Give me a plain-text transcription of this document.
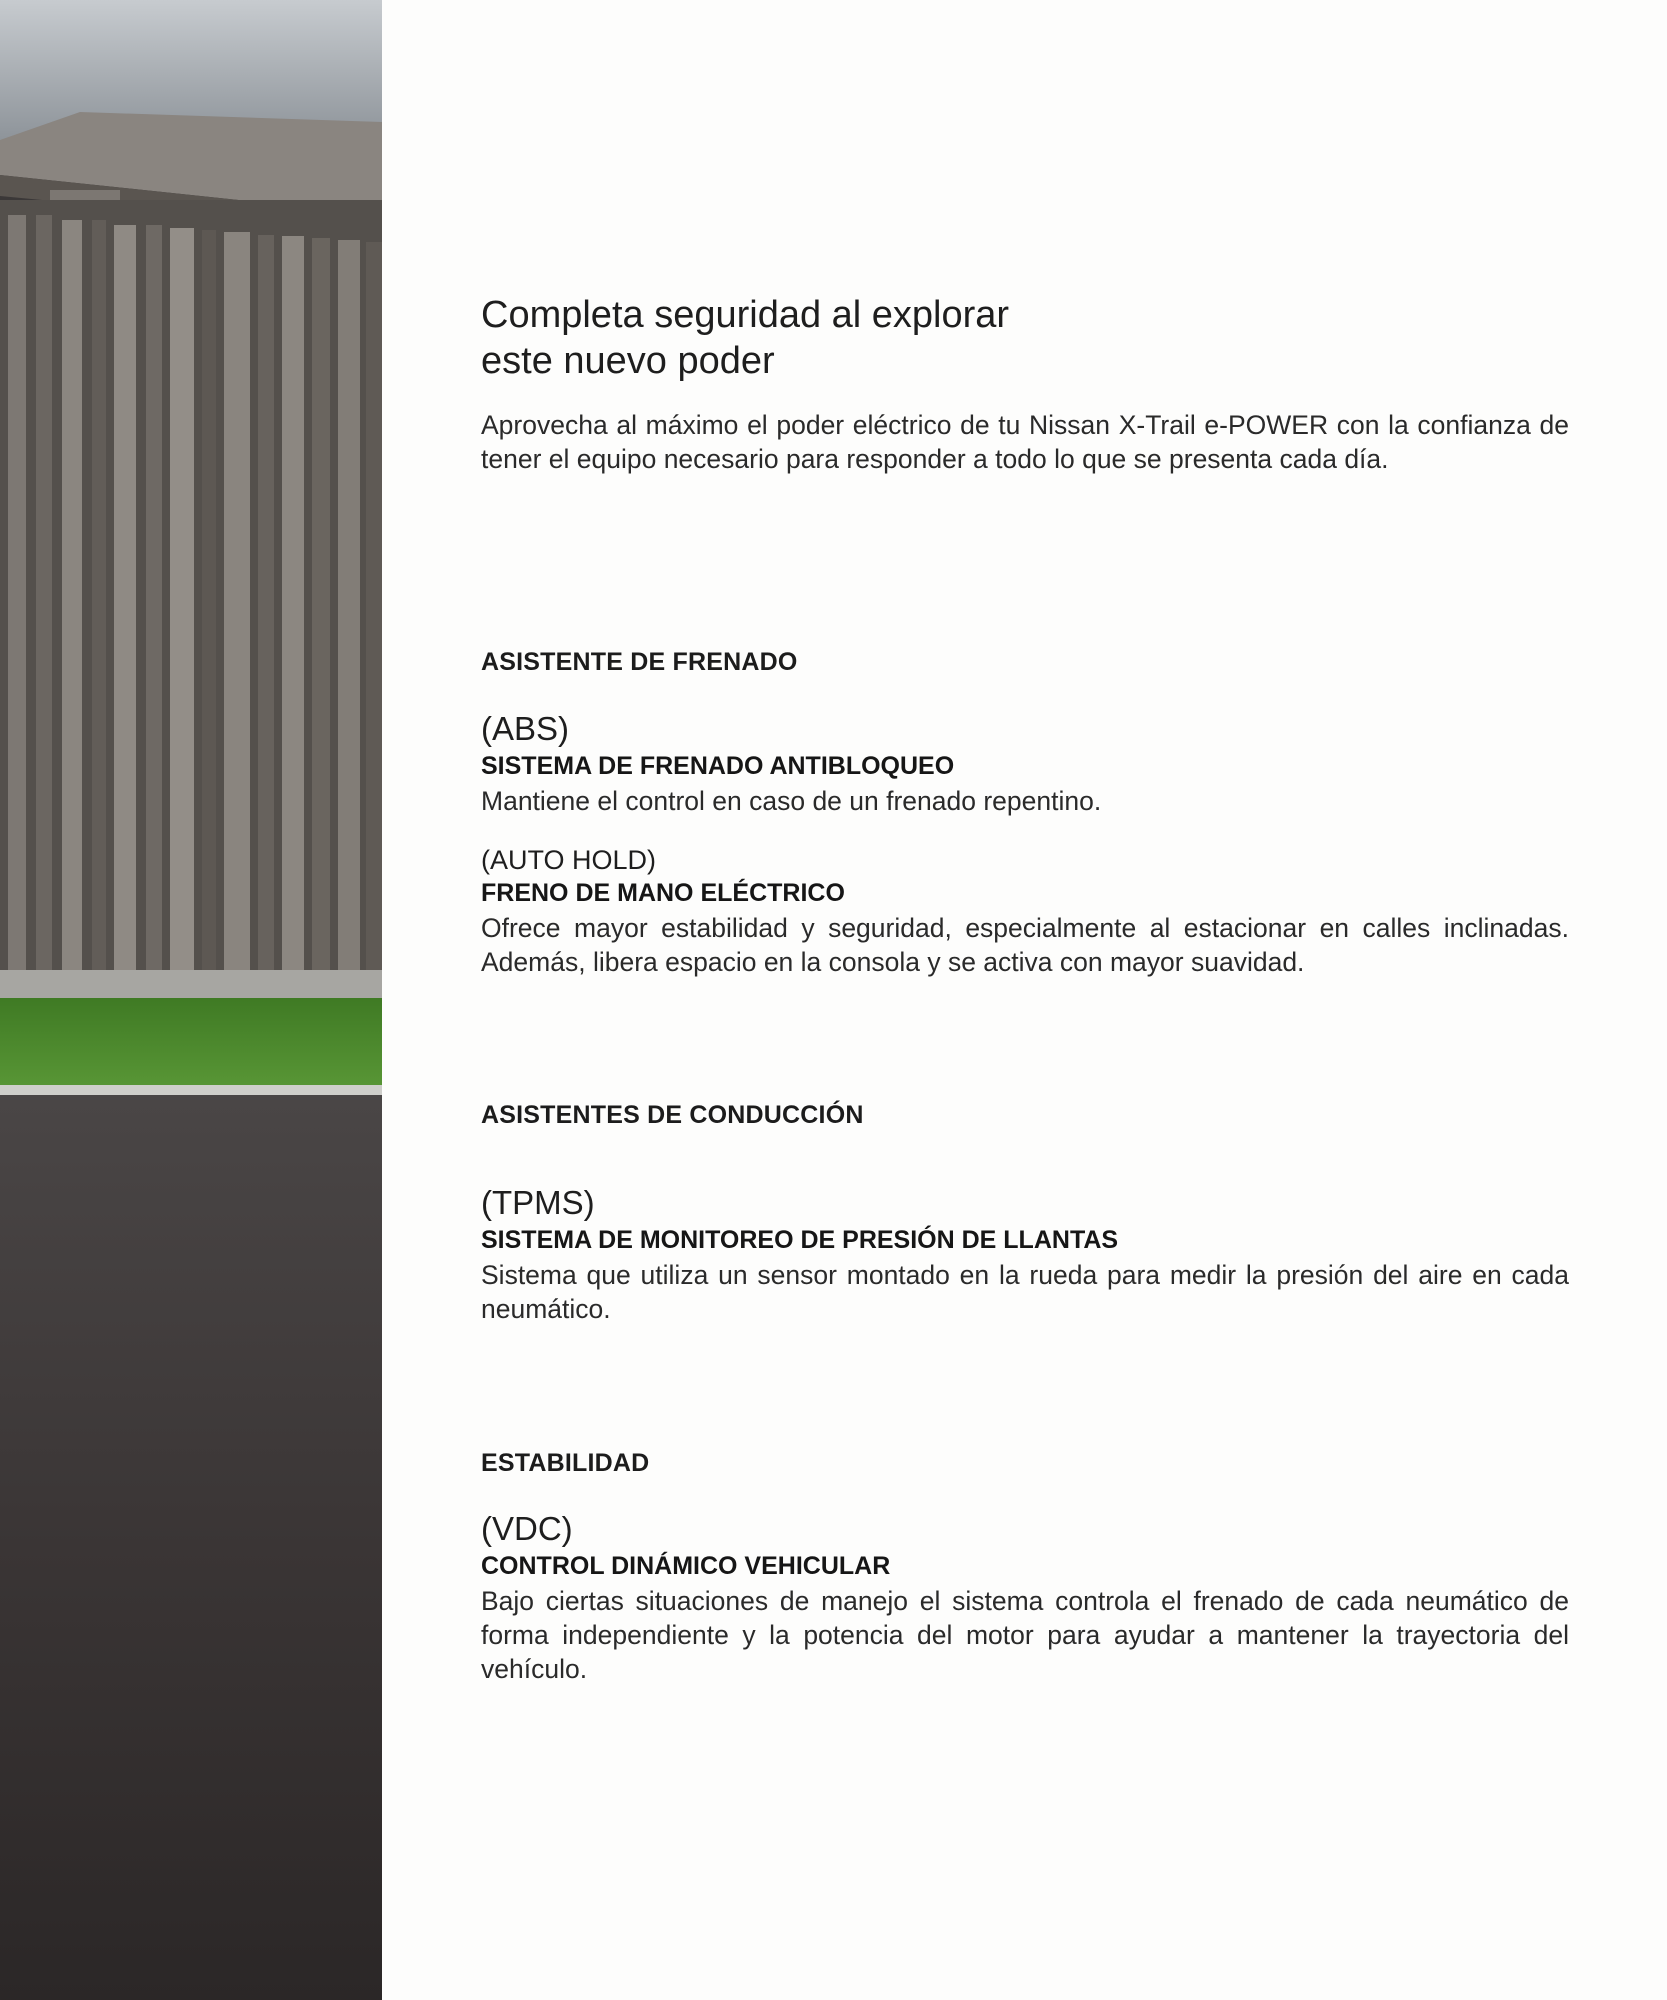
Completa seguridad al explorar
este nuevo poder

Aprovecha al máximo el poder eléctrico de tu Nissan X-Trail e-POWER con la confianza de tener el equipo necesario para responder a todo lo que se presenta cada día.

ASISTENTE DE FRENADO
(ABS)
SISTEMA DE FRENADO ANTIBLOQUEO
Mantiene el control en caso de un frenado repentino.
(AUTO HOLD)
FRENO DE MANO ELÉCTRICO
Ofrece mayor estabilidad y seguridad, especialmente al estacionar en calles inclinadas. Además, libera espacio en la consola y se activa con mayor suavidad.
ASISTENTES DE CONDUCCIÓN
(TPMS)
SISTEMA DE MONITOREO DE PRESIÓN DE LLANTAS
Sistema que utiliza un sensor montado en la rueda para medir la presión del aire en cada neumático.
ESTABILIDAD
(VDC)
CONTROL DINÁMICO VEHICULAR
Bajo ciertas situaciones de manejo el sistema controla el frenado de cada neumático de forma independiente y la potencia del motor para ayudar a mantener la trayectoria del vehículo.
